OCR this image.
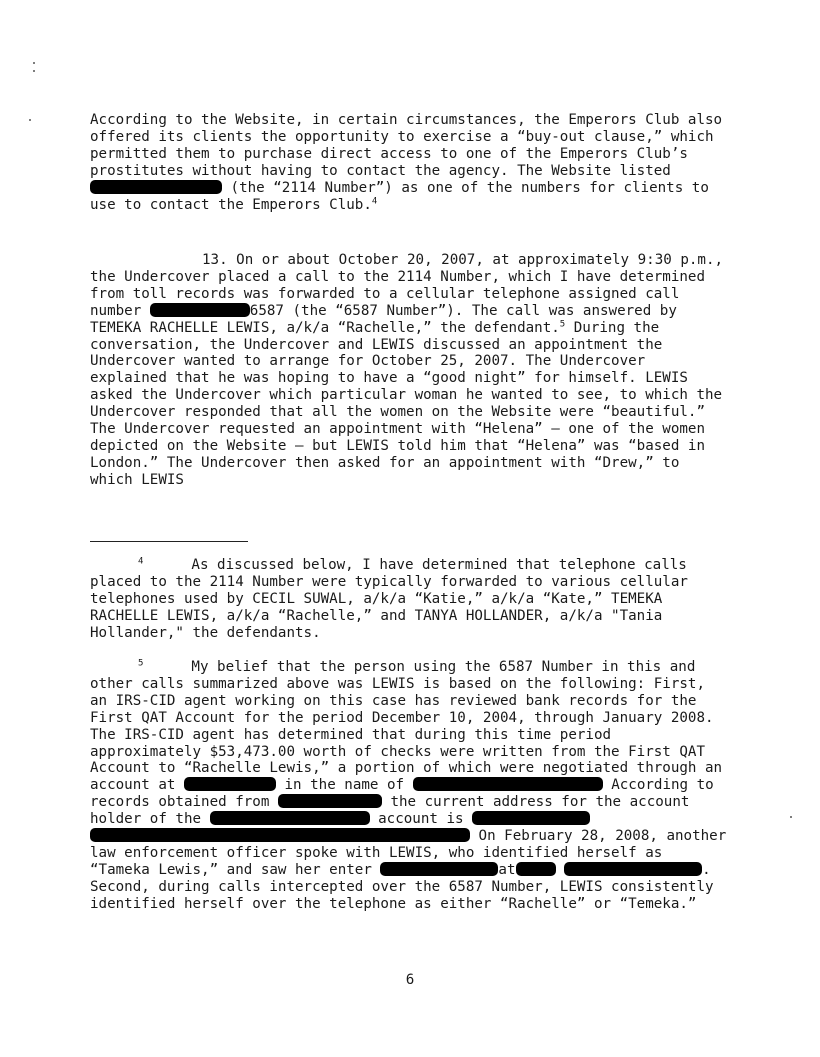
According to the Website, in certain circumstances, the Emperors Club also offered its clients the opportunity to exercise a “buy-out clause,” which permitted them to purchase direct access to one of the Emperors Club’s prostitutes without having to contact the agency. The Website listed  (the “2114 Number”) as one of the numbers for clients to use to contact the Emperors Club.$^4$

13. On or about October 20, 2007, at approximately 9:30 p.m., the Undercover placed a call to the 2114 Number, which I have determined from toll records was forwarded to a cellular telephone assigned call number	6587 (the “6587 Number”). The call was answered by TEMEKA RACHELLE LEWIS, a/k/a “Rachelle,” the defendant.$^5$ During the conversation, the Undercover and LEWIS discussed an appointment the Undercover wanted to arrange for October 25, 2007. The Undercover explained that he was hoping to have a “good night” for himself. LEWIS asked the Undercover which particular woman he wanted to see, to which the Undercover responded that all the women on the Website were “beautiful.” The Undercover requested an appointment with “Helena” – one of the women depicted on the Website – but LEWIS told him that “Helena” was “based in London.” The Undercover then asked for an appointment with “Drew,” to which LEWIS

$^4$	As discussed below, I have determined that telephone calls placed to the 2114 Number were typically forwarded to various cellular telephones used by CECIL SUWAL, a/k/a “Katie,” a/k/a “Kate,” TEMEKA RACHELLE LEWIS, a/k/a “Rachelle,” and TANYA HOLLANDER, a/k/a "Tania Hollander," the defendants.

$^5$	My belief that the person using the 6587 Number in this and other calls summarized above was LEWIS is based on the following: First, an IRS-CID agent working on this case has reviewed bank records for the First QAT Account for the period December 10, 2004, through January 2008. The IRS-CID agent has determined that during this time period approximately $53,473.00 worth of checks were written from the First QAT Account to “Rachelle Lewis,” a portion of which were negotiated through an account at	in the name of	According to records obtained from	the current address for the account holder of the	account is   On February 28, 2008, another law enforcement officer spoke with LEWIS, who identified herself as “Tameka Lewis,” and saw her enter	at	. Second, during calls intercepted over the 6587 Number, LEWIS consistently identified herself over the telephone as either “Rachelle” or “Temeka.”

6
